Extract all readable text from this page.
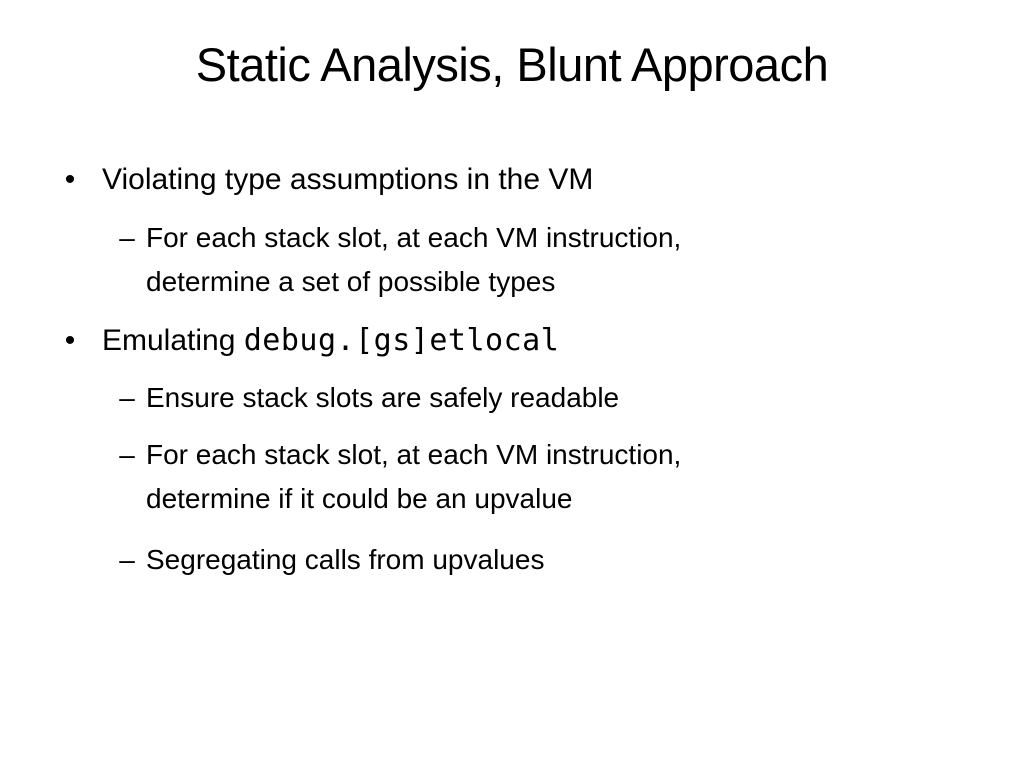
Static Analysis, Blunt Approach
• Violating type assumptions in the VM
– For each stack slot, at each VM instruction,
determine a set of possible types
• Emulating debug.[gs]etlocal
– Ensure stack slots are safely readable
– For each stack slot, at each VM instruction,
determine if it could be an upvalue
– Segregating calls from upvalues
